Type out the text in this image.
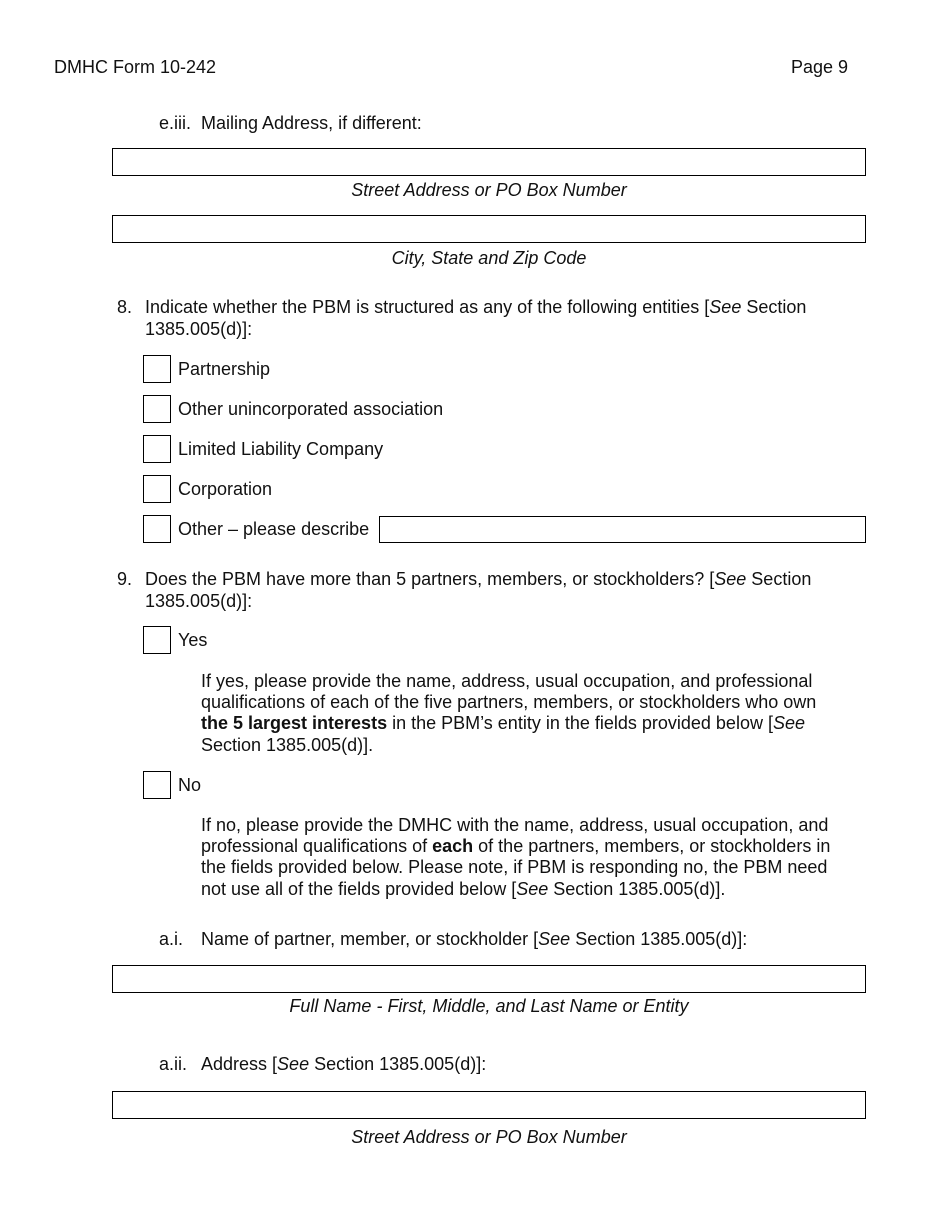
DMHC Form 10-242	Page 9
e.iii. Mailing Address, if different:
Street Address or PO Box Number
City, State and Zip Code
8. Indicate whether the PBM is structured as any of the following entities [See Section
1385.005(d)]:
Partnership
Other unincorporated association
Limited Liability Company
Corporation
Other – please describe
9. Does the PBM have more than 5 partners, members, or stockholders? [See Section
1385.005(d)]:
Yes
If yes, please provide the name, address, usual occupation, and professional
qualifications of each of the five partners, members, or stockholders who own
the 5 largest interests in the PBM’s entity in the fields provided below [See
Section 1385.005(d)].
No
If no, please provide the DMHC with the name, address, usual occupation, and
professional qualifications of each of the partners, members, or stockholders in
the fields provided below. Please note, if PBM is responding no, the PBM need
not use all of the fields provided below [See Section 1385.005(d)].
a.i. Name of partner, member, or stockholder [See Section 1385.005(d)]:
Full Name - First, Middle, and Last Name or Entity
a.ii. Address [See Section 1385.005(d)]:
Street Address or PO Box Number
